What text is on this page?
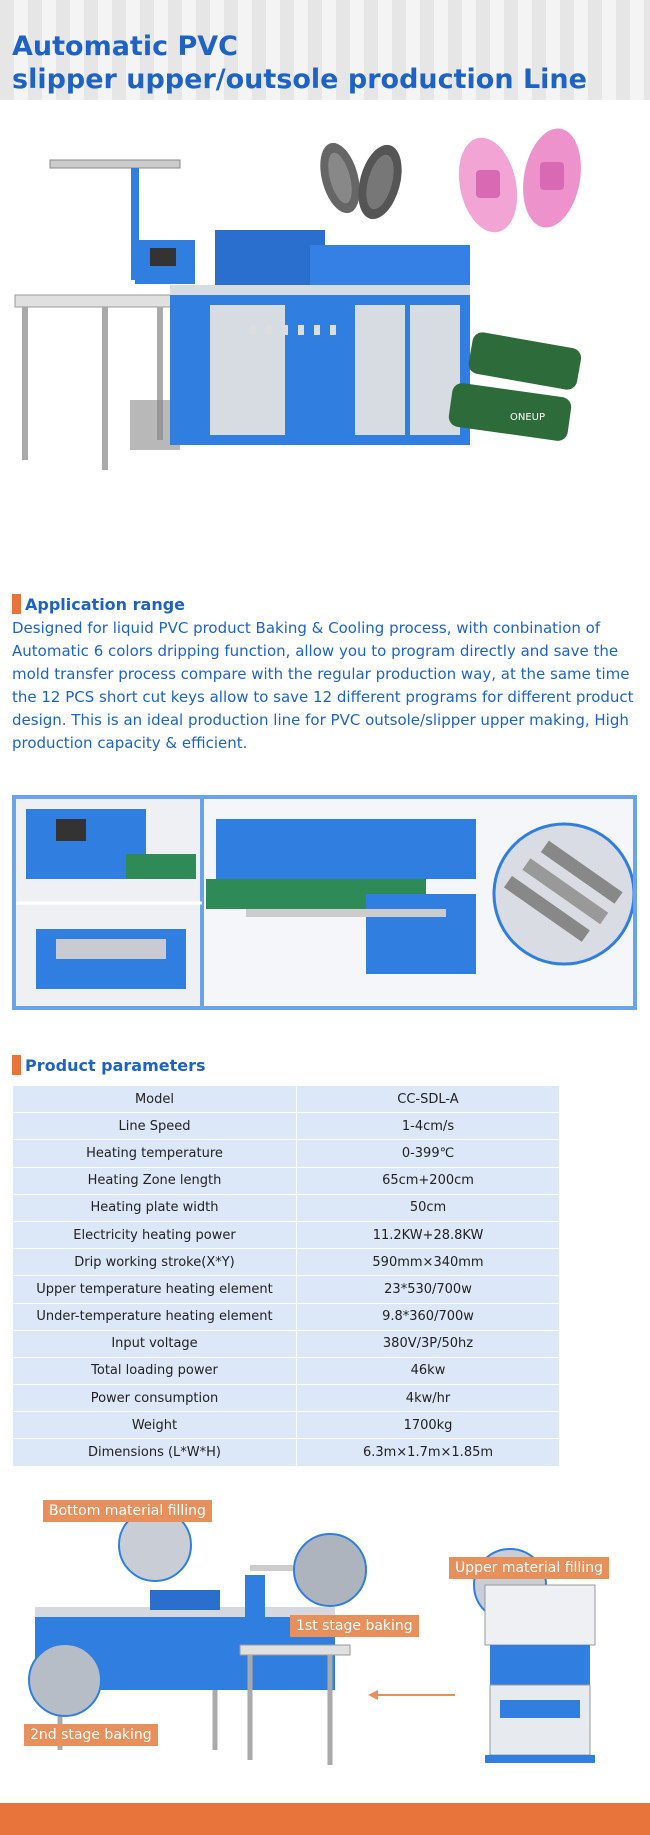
Automatic PVC
slipper upper/outsole production Line
ONEUP
Application range
Designed for liquid PVC product Baking & Cooling process, with conbination of Automatic 6 colors dripping function, allow you to program directly and save the mold transfer process compare with the regular production way, at the same time the 12 PCS short cut keys allow to save 12 different programs for different product design. This is an ideal production line for PVC outsole/slipper upper making, High production capacity & efficient.
Product parameters
Model	CC-SDL-A
Line Speed	1-4cm/s
Heating temperature	0-399℃
Heating Zone length	65cm+200cm
Heating plate width	50cm
Electricity heating power	11.2KW+28.8KW
Drip working stroke(X*Y)	590mm×340mm
Upper temperature heating element	23*530/700w
Under-temperature heating element	9.8*360/700w
Input voltage	380V/3P/50hz
Total loading power	46kw
Power consumption	4kw/hr
Weight	1700kg
Dimensions (L*W*H)	6.3m×1.7m×1.85m
Bottom material filling
Upper material filling
1st stage baking
2nd stage baking
